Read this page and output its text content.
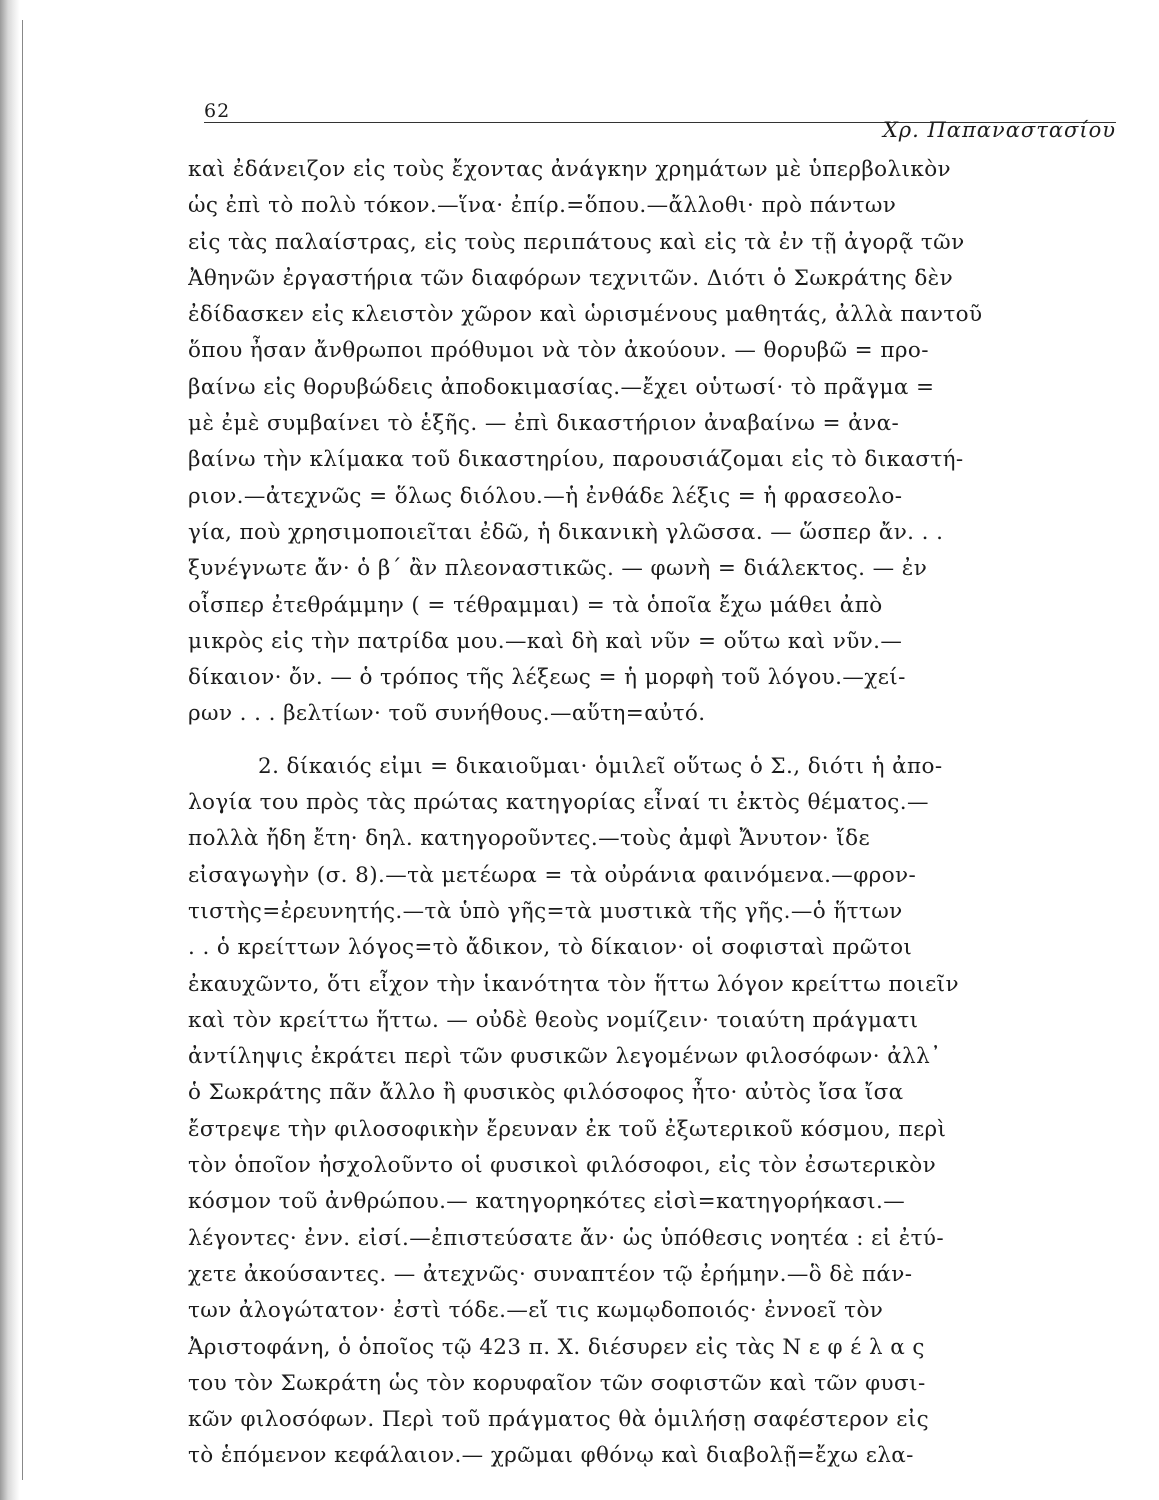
62
Χρ. Παπαναστασίου
καὶ ἐδάνειζον εἰς τοὺς ἔχοντας ἀνάγκην χρημάτων μὲ ὑπερβολικὸν
ὡς ἐπὶ τὸ πολὺ τόκον.—ἵνα· ἐπίρ.=ὅπου.—ἄλλοθι· πρὸ πάντων
εἰς τὰς παλαίστρας, εἰς τοὺς περιπάτους καὶ εἰς τὰ ἐν τῇ ἀγορᾷ τῶν
Ἀθηνῶν ἐργαστήρια τῶν διαφόρων τεχνιτῶν. Διότι ὁ Σωκράτης δὲν
ἐδίδασκεν εἰς κλειστὸν χῶρον καὶ ὡρισμένους μαθητάς, ἀλλὰ παντοῦ
ὅπου ἦσαν ἄνθρωποι πρόθυμοι νὰ τὸν ἀκούουν. — θορυβῶ = προ-
βαίνω εἰς θορυβώδεις ἀποδοκιμασίας.—ἔχει οὑτωσί· τὸ πρᾶγμα =
μὲ ἐμὲ συμβαίνει τὸ ἑξῆς. — ἐπὶ δικαστήριον ἀναβαίνω = ἀνα-
βαίνω τὴν κλίμακα τοῦ δικαστηρίου, παρουσιάζομαι εἰς τὸ δικαστή-
ριον.—ἀτεχνῶς = ὅλως διόλου.—ἡ ἐνθάδε λέξις = ἡ φρασεολο-
γία, ποὺ χρησιμοποιεῖται ἐδῶ, ἡ δικανικὴ γλῶσσα. — ὥσπερ ἄν. . .
ξυνέγνωτε ἄν· ὁ β΄ ἂν πλεοναστικῶς. — φωνὴ = διάλεκτος. — ἐν
οἷσπερ ἐτεθράμμην ( = τέθραμμαι) = τὰ ὁποῖα ἔχω μάθει ἀπὸ
μικρὸς εἰς τὴν πατρίδα μου.—καὶ δὴ καὶ νῦν = οὕτω καὶ νῦν.—
δίκαιον· ὄν. — ὁ τρόπος τῆς λέξεως = ἡ μορφὴ τοῦ λόγου.—χεί-
ρων . . . βελτίων· τοῦ συνήθους.—αὕτη=αὐτό.
2. δίκαιός εἰμι = δικαιοῦμαι· ὁμιλεῖ οὕτως ὁ Σ., διότι ἡ ἀπο-
λογία του πρὸς τὰς πρώτας κατηγορίας εἶναί τι ἐκτὸς θέματος.—
πολλὰ ἤδη ἔτη· δηλ. κατηγοροῦντες.—τοὺς ἀμφὶ Ἄνυτον· ἴδε
εἰσαγωγὴν (σ. 8).—τὰ μετέωρα = τὰ οὐράνια φαινόμενα.—φρον-
τιστὴς=ἐρευνητής.—τὰ ὑπὸ γῆς=τὰ μυστικὰ τῆς γῆς.—ὁ ἥττων
. . ὁ κρείττων λόγος=τὸ ἄδικον, τὸ δίκαιον· οἱ σοφισταὶ πρῶτοι
ἐκαυχῶντο, ὅτι εἶχον τὴν ἱκανότητα τὸν ἥττω λόγον κρείττω ποιεῖν
καὶ τὸν κρείττω ἥττω. — οὐδὲ θεοὺς νομίζειν· τοιαύτη πράγματι
ἀντίληψις ἐκράτει περὶ τῶν φυσικῶν λεγομένων φιλοσόφων· ἀλλ᾿
ὁ Σωκράτης πᾶν ἄλλο ἢ φυσικὸς φιλόσοφος ἦτο· αὐτὸς ἴσα ἴσα
ἔστρεψε τὴν φιλοσοφικὴν ἔρευναν ἐκ τοῦ ἐξωτερικοῦ κόσμου, περὶ
τὸν ὁποῖον ἠσχολοῦντο οἱ φυσικοὶ φιλόσοφοι, εἰς τὸν ἐσωτερικὸν
κόσμον τοῦ ἀνθρώπου.— κατηγορηκότες εἰσὶ=κατηγορήκασι.—
λέγοντες· ἐνν. εἰσί.—ἐπιστεύσατε ἄν· ὡς ὑπόθεσις νοητέα : εἰ ἐτύ-
χετε ἀκούσαντες. — ἀτεχνῶς· συναπτέον τῷ ἐρήμην.—ὃ δὲ πάν-
των ἀλογώτατον· ἐστὶ τόδε.—εἴ τις κωμῳδοποιός· ἐννοεῖ τὸν
Ἀριστοφάνη, ὁ ὁποῖος τῷ 423 π. Χ. διέσυρεν εἰς τὰς Ν ε φ έ λ α ς
του τὸν Σωκράτη ὡς τὸν κορυφαῖον τῶν σοφιστῶν καὶ τῶν φυσι-
κῶν φιλοσόφων. Περὶ τοῦ πράγματος θὰ ὁμιλήσῃ σαφέστερον εἰς
τὸ ἑπόμενον κεφάλαιον.— χρῶμαι φθόνῳ καὶ διαβολῇ=ἔχω ελα-
